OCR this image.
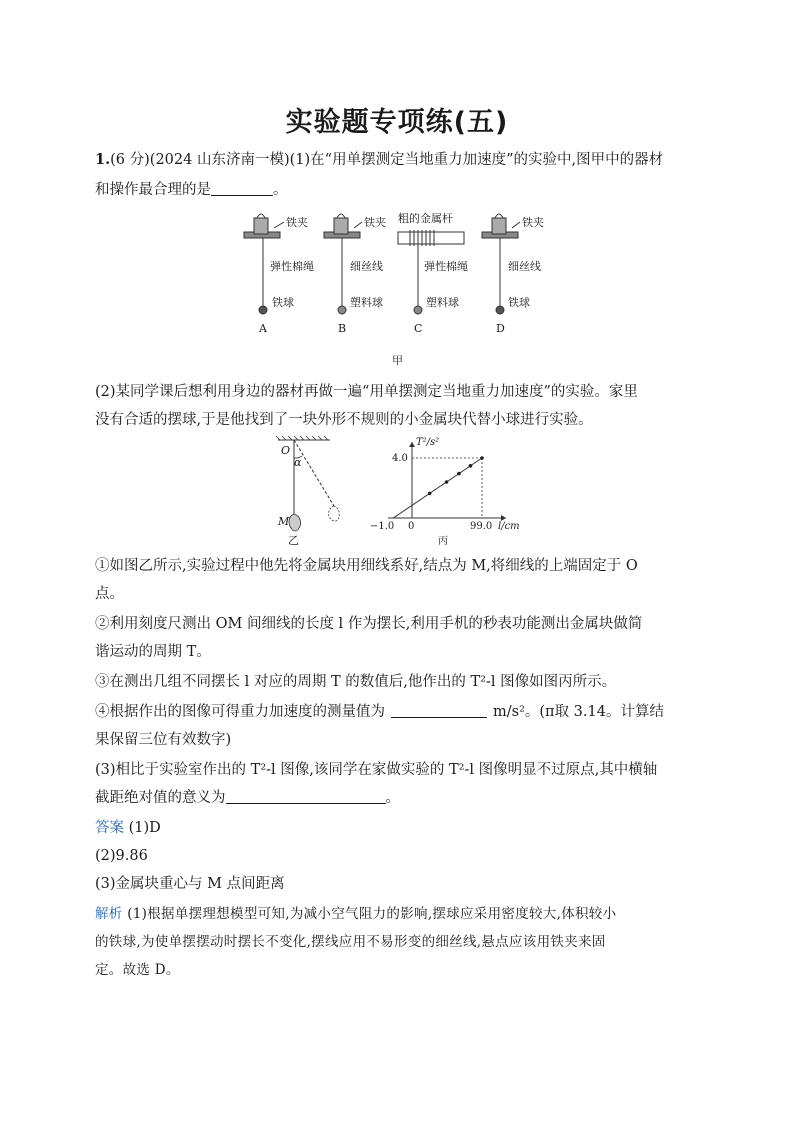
实验题专项练(五)
1.(6 分)(2024 山东济南一模)(1)在“用单摆测定当地重力加速度”的实验中,图甲中的器材
和操作最合理的是	。
铁夹	铁夹 粗的金属杆	铁夹
弹性棉绳	细丝线	弹性棉绳	细丝线
铁球	塑料球	塑料球	铁球
A	B	C	D
甲
(2)某同学课后想利用身边的器材再做一遍“用单摆测定当地重力加速度”的实验。家里
没有合适的摆球,于是他找到了一块外形不规则的小金属块代替小球进行实验。
O
α
M
乙
T²/s²
l/cm
4.0
−1.0 0	99.0
丙
①如图乙所示,实验过程中他先将金属块用细线系好,结点为 M,将细线的上端固定于 O
点。
②利用刻度尺测出 OM 间细线的长度 l 作为摆长,利用手机的秒表功能测出金属块做简
谐运动的周期 T。
③在测出几组不同摆长 l 对应的周期 T 的数值后,他作出的 T²-l 图像如图丙所示。
④根据作出的图像可得重力加速度的测量值为	m/s²。(π取 3.14。计算结
果保留三位有效数字)
(3)相比于实验室作出的 T²-l 图像,该同学在家做实验的 T²-l 图像明显不过原点,其中横轴
截距绝对值的意义为	。
答案 (1)D
(2)9.86
(3)金属块重心与 M 点间距离
解析 (1)根据单摆理想模型可知,为减小空气阻力的影响,摆球应采用密度较大,体积较小
的铁球,为使单摆摆动时摆长不变化,摆线应用不易形变的细丝线,悬点应该用铁夹来固
定。故选 D。
